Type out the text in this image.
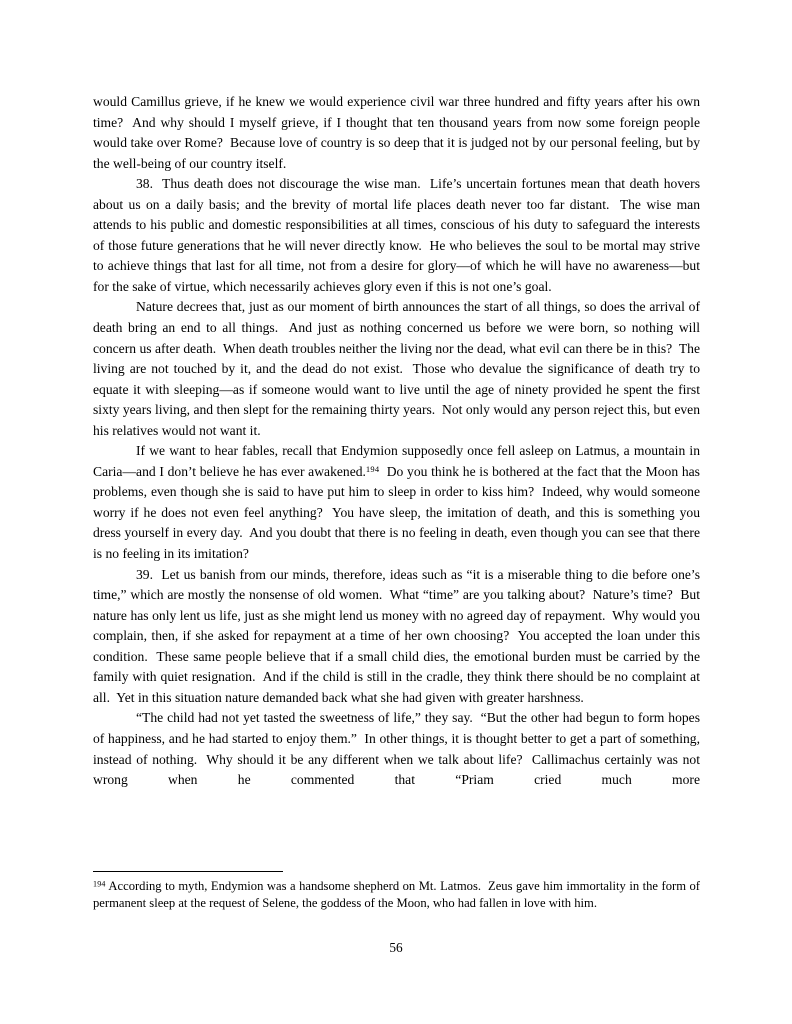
would Camillus grieve, if he knew we would experience civil war three hundred and fifty years after his own time?  And why should I myself grieve, if I thought that ten thousand years from now some foreign people would take over Rome?  Because love of country is so deep that it is judged not by our personal feeling, but by the well-being of our country itself.

38.  Thus death does not discourage the wise man.  Life’s uncertain fortunes mean that death hovers about us on a daily basis; and the brevity of mortal life places death never too far distant.  The wise man attends to his public and domestic responsibilities at all times, conscious of his duty to safeguard the interests of those future generations that he will never directly know.  He who believes the soul to be mortal may strive to achieve things that last for all time, not from a desire for glory—of which he will have no awareness—but for the sake of virtue, which necessarily achieves glory even if this is not one’s goal.

Nature decrees that, just as our moment of birth announces the start of all things, so does the arrival of death bring an end to all things.  And just as nothing concerned us before we were born, so nothing will concern us after death.  When death troubles neither the living nor the dead, what evil can there be in this?  The living are not touched by it, and the dead do not exist.  Those who devalue the significance of death try to equate it with sleeping—as if someone would want to live until the age of ninety provided he spent the first sixty years living, and then slept for the remaining thirty years.  Not only would any person reject this, but even his relatives would not want it.

If we want to hear fables, recall that Endymion supposedly once fell asleep on Latmus, a mountain in Caria—and I don’t believe he has ever awakened.$^{194}$  Do you think he is bothered at the fact that the Moon has problems, even though she is said to have put him to sleep in order to kiss him?  Indeed, why would someone worry if he does not even feel anything?  You have sleep, the imitation of death, and this is something you dress yourself in every day.  And you doubt that there is no feeling in death, even though you can see that there is no feeling in its imitation?

39.  Let us banish from our minds, therefore, ideas such as “it is a miserable thing to die before one’s time,” which are mostly the nonsense of old women.  What “time” are you talking about?  Nature’s time?  But nature has only lent us life, just as she might lend us money with no agreed day of repayment.  Why would you complain, then, if she asked for repayment at a time of her own choosing?  You accepted the loan under this condition.  These same people believe that if a small child dies, the emotional burden must be carried by the family with quiet resignation.  And if the child is still in the cradle, they think there should be no complaint at all.  Yet in this situation nature demanded back what she had given with greater harshness.

“The child had not yet tasted the sweetness of life,” they say.  “But the other had begun to form hopes of happiness, and he had started to enjoy them.”  In other things, it is thought better to get a part of something, instead of nothing.  Why should it be any different when we talk about life?  Callimachus certainly was not wrong when he commented that “Priam cried much more

$^{194}$ According to myth, Endymion was a handsome shepherd on Mt. Latmos.  Zeus gave him immortality in the form of permanent sleep at the request of Selene, the goddess of the Moon, who had fallen in love with him.
56
